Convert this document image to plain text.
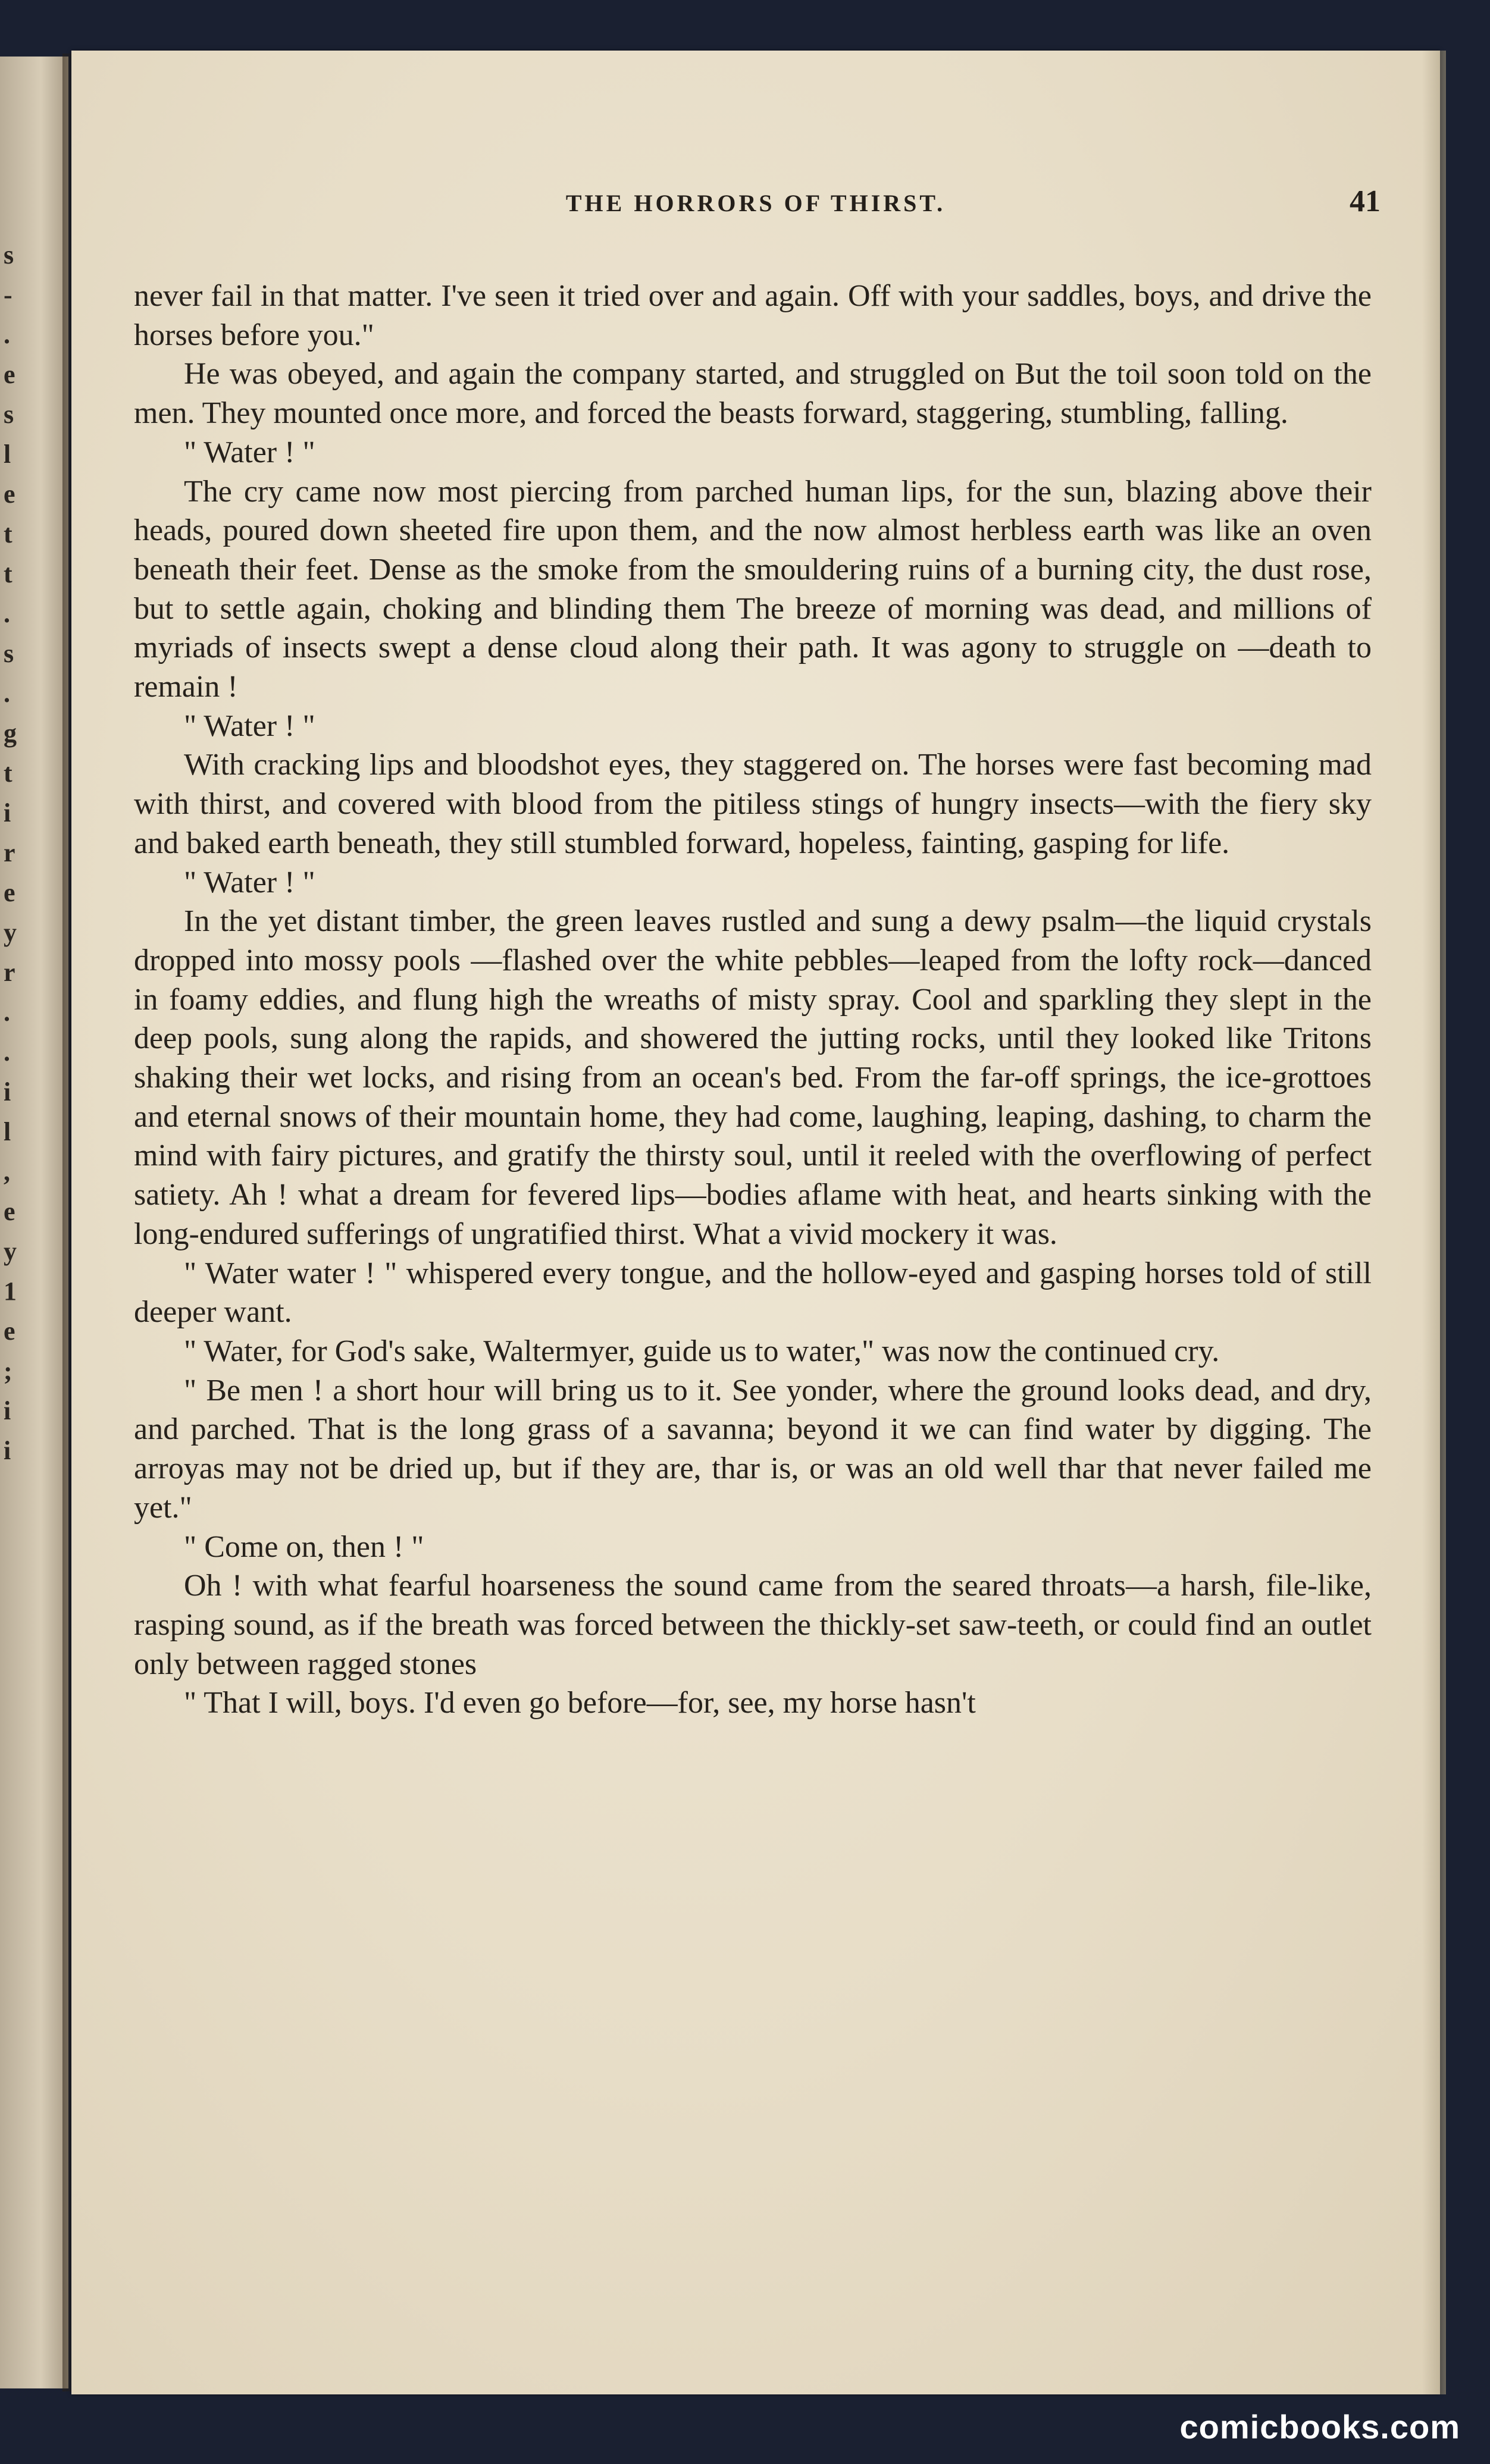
s
-
.
e
s
l
e
t
t
.
s
.
g
t
i
r
e
y
r
.
.
i
l
,
e
y
1
e
;
i
i
THE HORRORS OF THIRST.	41

never fail in that matter. I've seen it tried over and again. Off with your saddles, boys, and drive the horses before you."

He was obeyed, and again the company started, and struggled on But the toil soon told on the men. They mounted once more, and forced the beasts forward, staggering, stumbling, falling.

" Water ! "

The cry came now most piercing from parched human lips, for the sun, blazing above their heads, poured down sheeted fire upon them, and the now almost herbless earth was like an oven beneath their feet. Dense as the smoke from the smouldering ruins of a burning city, the dust rose, but to settle again, choking and blinding them The breeze of morning was dead, and millions of myriads of insects swept a dense cloud along their path. It was agony to struggle on —death to remain !

" Water ! "

With cracking lips and bloodshot eyes, they staggered on. The horses were fast becoming mad with thirst, and covered with blood from the pitiless stings of hungry insects—with the fiery sky and baked earth beneath, they still stumbled forward, hopeless, fainting, gasping for life.

" Water ! "

In the yet distant timber, the green leaves rustled and sung a dewy psalm—the liquid crystals dropped into mossy pools —flashed over the white pebbles—leaped from the lofty rock—danced in foamy eddies, and flung high the wreaths of misty spray. Cool and sparkling they slept in the deep pools, sung along the rapids, and showered the jutting rocks, until they looked like Tritons shaking their wet locks, and rising from an ocean's bed. From the far-off springs, the ice-grottoes and eternal snows of their mountain home, they had come, laughing, leaping, dashing, to charm the mind with fairy pictures, and gratify the thirsty soul, until it reeled with the overflowing of perfect satiety. Ah ! what a dream for fevered lips—bodies aflame with heat, and hearts sinking with the long-endured sufferings of ungratified thirst. What a vivid mockery it was.

" Water water ! " whispered every tongue, and the hollow-eyed and gasping horses told of still deeper want.

" Water, for God's sake, Waltermyer, guide us to water," was now the continued cry.

" Be men ! a short hour will bring us to it. See yonder, where the ground looks dead, and dry, and parched. That is the long grass of a savanna; beyond it we can find water by digging. The arroyas may not be dried up, but if they are, thar is, or was an old well thar that never failed me yet."

" Come on, then ! "

Oh ! with what fearful hoarseness the sound came from the seared throats—a harsh, file-like, rasping sound, as if the breath was forced between the thickly-set saw-teeth, or could find an outlet only between ragged stones

" That I will, boys. I'd even go before—for, see, my horse hasn't

comicbooks.com
